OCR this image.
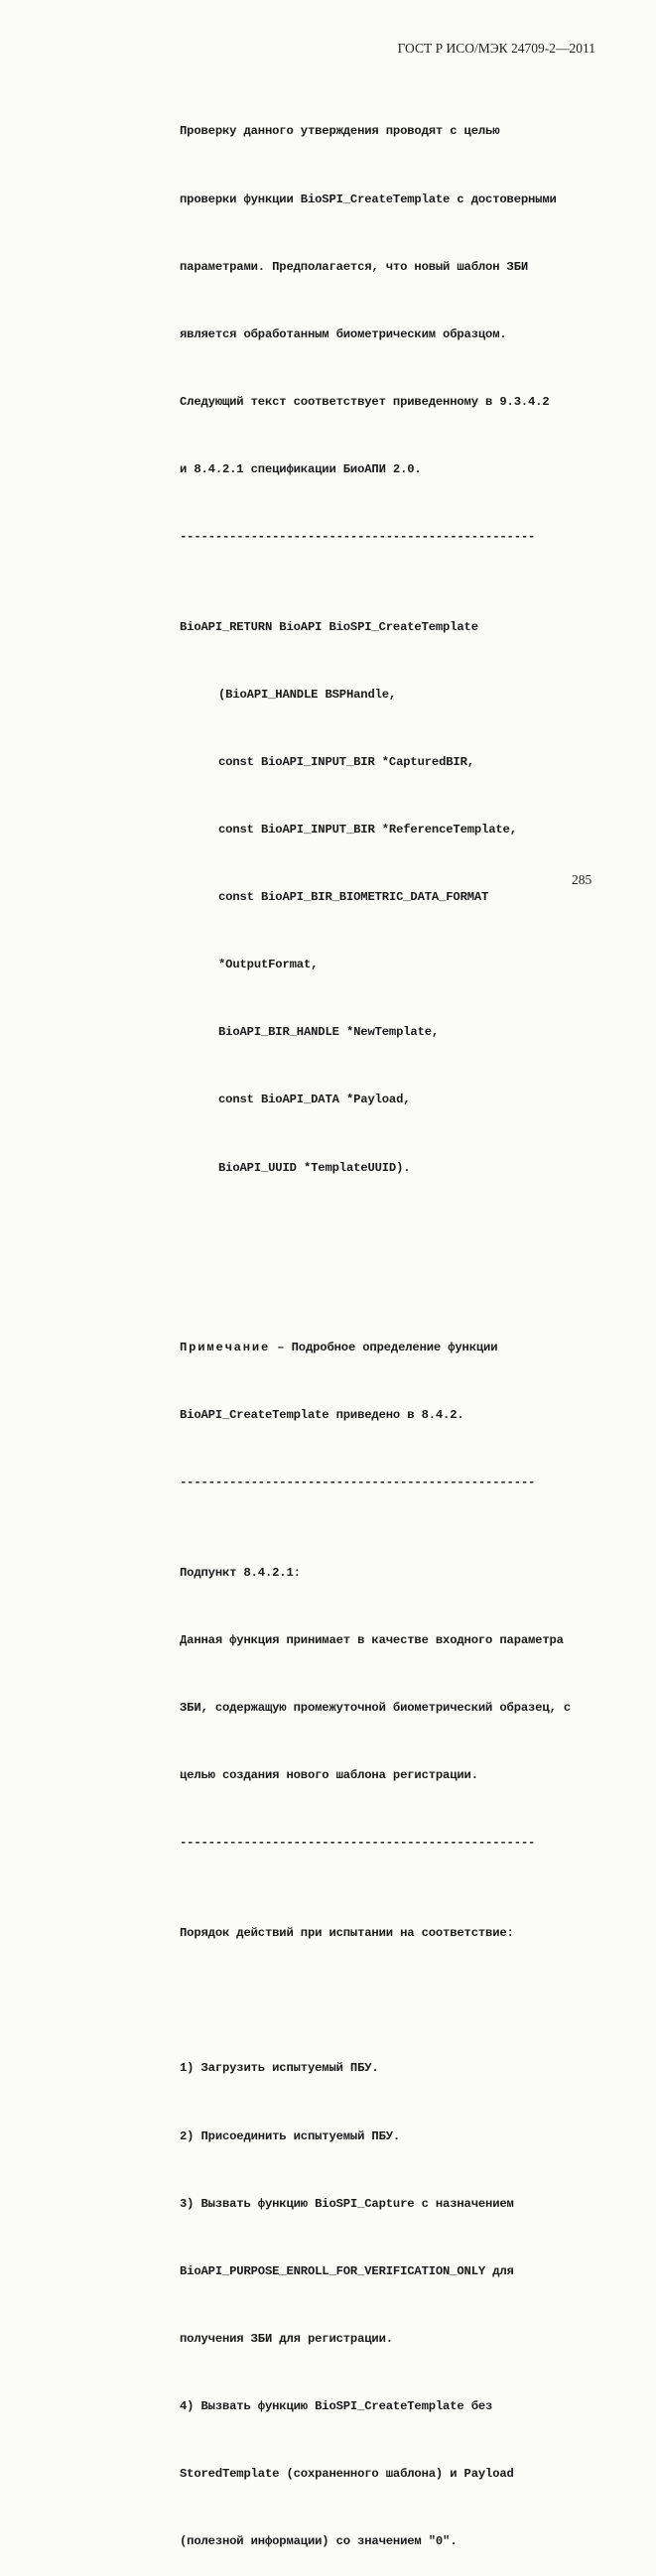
ГОСТ Р ИСО/МЭК 24709-2—2011

Проверку данного утверждения проводят с целью

проверки функции BioSPI_CreateTemplate с достоверными

параметрами. Предполагается, что новый шаблон ЗБИ

является обработанным биометрическим образцом.

Следующий текст соответствует приведенному в 9.3.4.2

и 8.4.2.1 спецификации БиоАПИ 2.0.

--------------------------------------------------

BioAPI_RETURN BioAPI BioSPI_CreateTemplate

(BioAPI_HANDLE BSPHandle,

const BioAPI_INPUT_BIR *CapturedBIR,

const BioAPI_INPUT_BIR *ReferenceTemplate,

const BioAPI_BIR_BIOMETRIC_DATA_FORMAT

*OutputFormat,

BioAPI_BIR_HANDLE *NewTemplate,

const BioAPI_DATA *Payload,

BioAPI_UUID *TemplateUUID).

Примечание – Подробное определение функции

BioAPI_CreateTemplate приведено в 8.4.2.

--------------------------------------------------

Подпункт 8.4.2.1:

Данная функция принимает в качестве входного параметра

ЗБИ, содержащую промежуточной биометрический образец, с

целью создания нового шаблона регистрации.

--------------------------------------------------

Порядок действий при испытании на соответствие:

1) Загрузить испытуемый ПБУ.

2) Присоединить испытуемый ПБУ.

3) Вызвать функцию BioSPI_Capture с назначением

BioAPI_PURPOSE_ENROLL_FOR_VERIFICATION_ONLY для

получения ЗБИ для регистрации.

4) Вызвать функцию BioSPI_CreateTemplate без

StoredTemplate (сохраненного шаблона) и Payload

(полезной информации) со значением "0".

285
